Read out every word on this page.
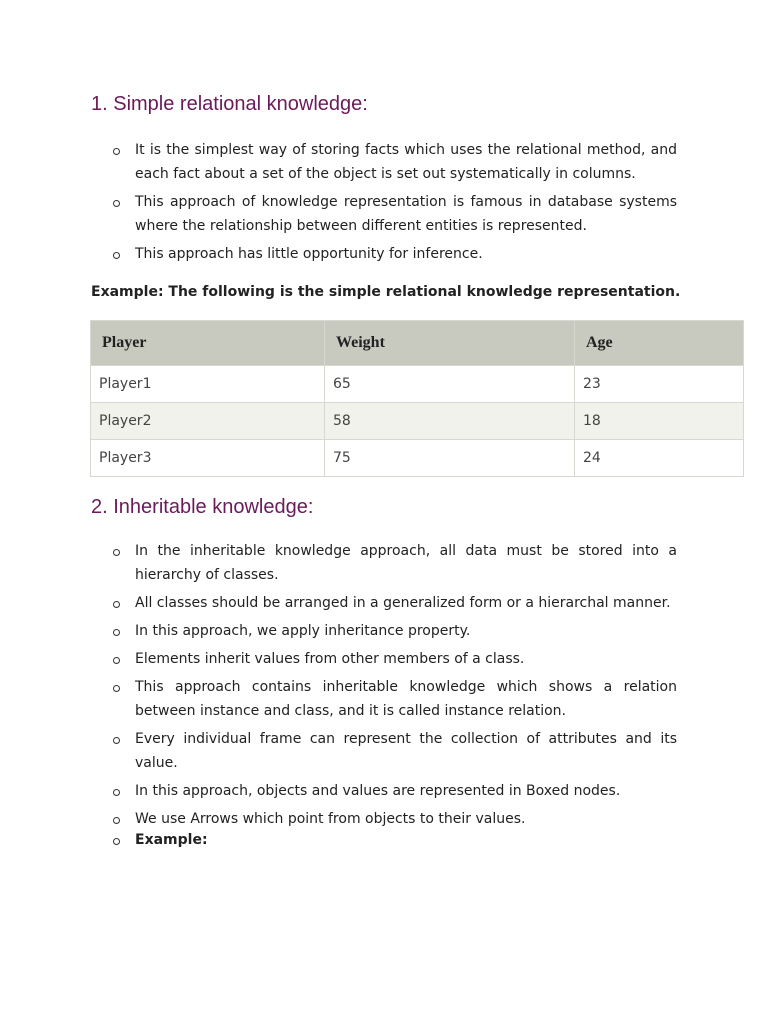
1. Simple relational knowledge:
It is the simplest way of storing facts which uses the relational method, and each fact about a set of the object is set out systematically in columns.
This approach of knowledge representation is famous in database systems where the relationship between different entities is represented.
This approach has little opportunity for inference.
Example: The following is the simple relational knowledge representation.
Player	Weight	Age
Player1	65	23
Player2	58	18
Player3	75	24
2. Inheritable knowledge:
In the inheritable knowledge approach, all data must be stored into a hierarchy of classes.
All classes should be arranged in a generalized form or a hierarchal manner.
In this approach, we apply inheritance property.
Elements inherit values from other members of a class.
This approach contains inheritable knowledge which shows a relation between instance and class, and it is called instance relation.
Every individual frame can represent the collection of attributes and its value.
In this approach, objects and values are represented in Boxed nodes.
We use Arrows which point from objects to their values.
Example:
